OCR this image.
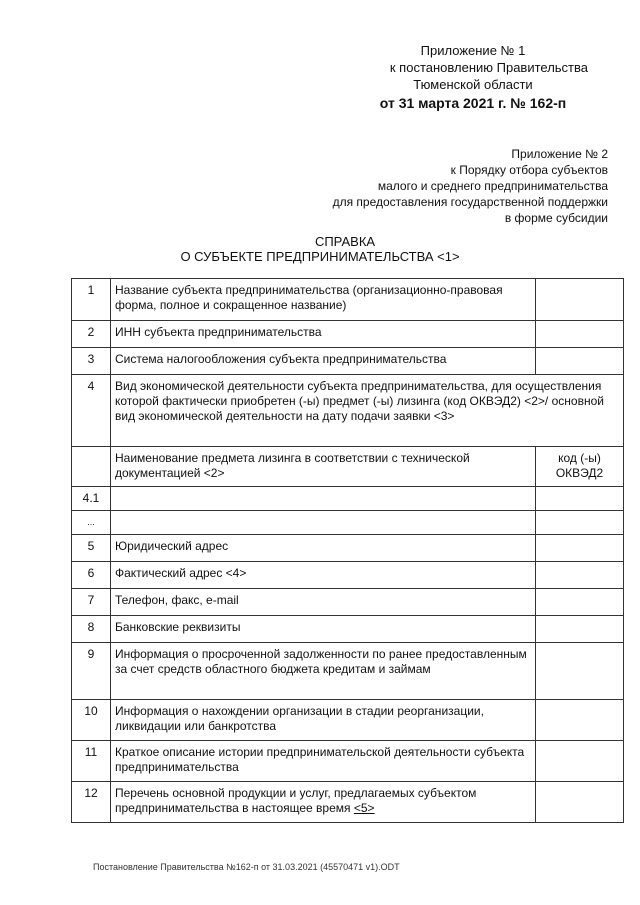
Приложение № 1
к постановлению Правительства
Тюменской области
от 31 марта 2021 г. № 162-п
Приложение № 2
к Порядку отбора субъектов
малого и среднего предпринимательства
для предоставления государственной поддержки
в форме субсидии
СПРАВКА
О СУБЪЕКТЕ ПРЕДПРИНИМАТЕЛЬСТВА <1>
1	Название субъекта предпринимательства (организационно-правовая форма, полное и сокращенное название)	
2	ИНН субъекта предпринимательства	
3	Система налогообложения субъекта предпринимательства	
4	Вид экономической деятельности субъекта предпринимательства, для осуществления которой фактически приобретен (-ы) предмет (-ы) лизинга (код ОКВЭД2) <2>/ основной вид экономической деятельности на дату подачи заявки <3>	
	Наименование предмета лизинга в соответствии с технической документацией <2>	код (-ы) ОКВЭД2
4.1		
...		
5	Юридический адрес	
6	Фактический адрес <4>	
7	Телефон, факс, e-mail	
8	Банковские реквизиты	
9	Информация о просроченной задолженности по ранее предоставленным за счет средств областного бюджета кредитам и займам	
10	Информация о нахождении организации в стадии реорганизации, ликвидации или банкротства	
11	Краткое описание истории предпринимательской деятельности субъекта предпринимательства	
12	Перечень основной продукции и услуг, предлагаемых субъектом предпринимательства в настоящее время <5>	
Постановление Правительства №162-п от 31.03.2021 (45570471 v1).ODT
